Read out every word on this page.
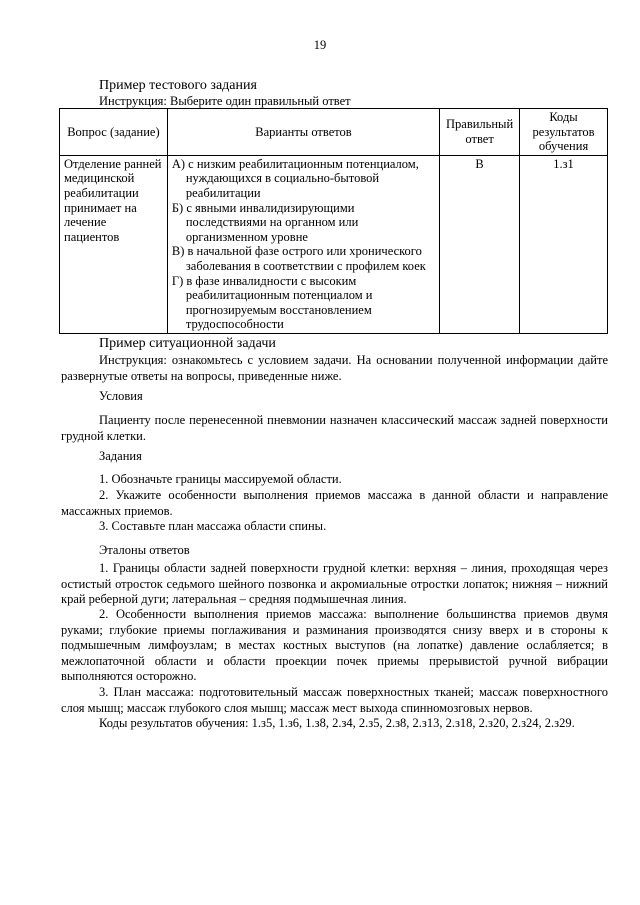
19
Пример тестового задания
Инструкция: Выберите один правильный ответ
Вопрос (задание)	Варианты ответов	Правильный ответ	Коды результатов обучения
Отделение ранней медицинской реабилитации принимает на лечение пациентов	А) с низким реабилитационным потенциалом, нуждающихся в социально-бытовой реабилитации
Б) с явными инвалидизирующими последствиями на органном или организменном уровне
В) в начальной фазе острого или хронического заболевания в соответствии с профилем коек
Г) в фазе инвалидности с высоким реабилитационным потенциалом и прогнозируемым восстановлением трудоспособности	В	1.з1
Пример ситуационной задачи
Инструкция: ознакомьтесь с условием задачи. На основании полученной информации дайте развернутые ответы на вопросы, приведенные ниже.
Условия
Пациенту после перенесенной пневмонии назначен классический массаж задней поверхности грудной клетки.
Задания
1. Обозначьте границы массируемой области.
2. Укажите особенности выполнения приемов массажа в данной области и направление массажных приемов.
3. Составьте план массажа области спины.
Эталоны ответов
1. Границы области задней поверхности грудной клетки: верхняя – линия, проходящая через остистый отросток седьмого шейного позвонка и акромиальные отростки лопаток; нижняя – нижний край реберной дуги; латеральная – средняя подмышечная линия.
2. Особенности выполнения приемов массажа: выполнение большинства приемов двумя руками; глубокие приемы поглаживания и разминания производятся снизу вверх и в стороны к подмышечным лимфоузлам; в местах костных выступов (на лопатке) давление ослабляется; в межлопаточной области и области проекции почек приемы прерывистой ручной вибрации выполняются осторожно.
3. План массажа: подготовительный массаж поверхностных тканей; массаж поверхностного слоя мышц; массаж глубокого слоя мышц; массаж мест выхода спинномозговых нервов.
Коды результатов обучения: 1.з5, 1.з6, 1.з8, 2.з4, 2.з5, 2.з8, 2.з13, 2.з18, 2.з20, 2.з24, 2.з29.
